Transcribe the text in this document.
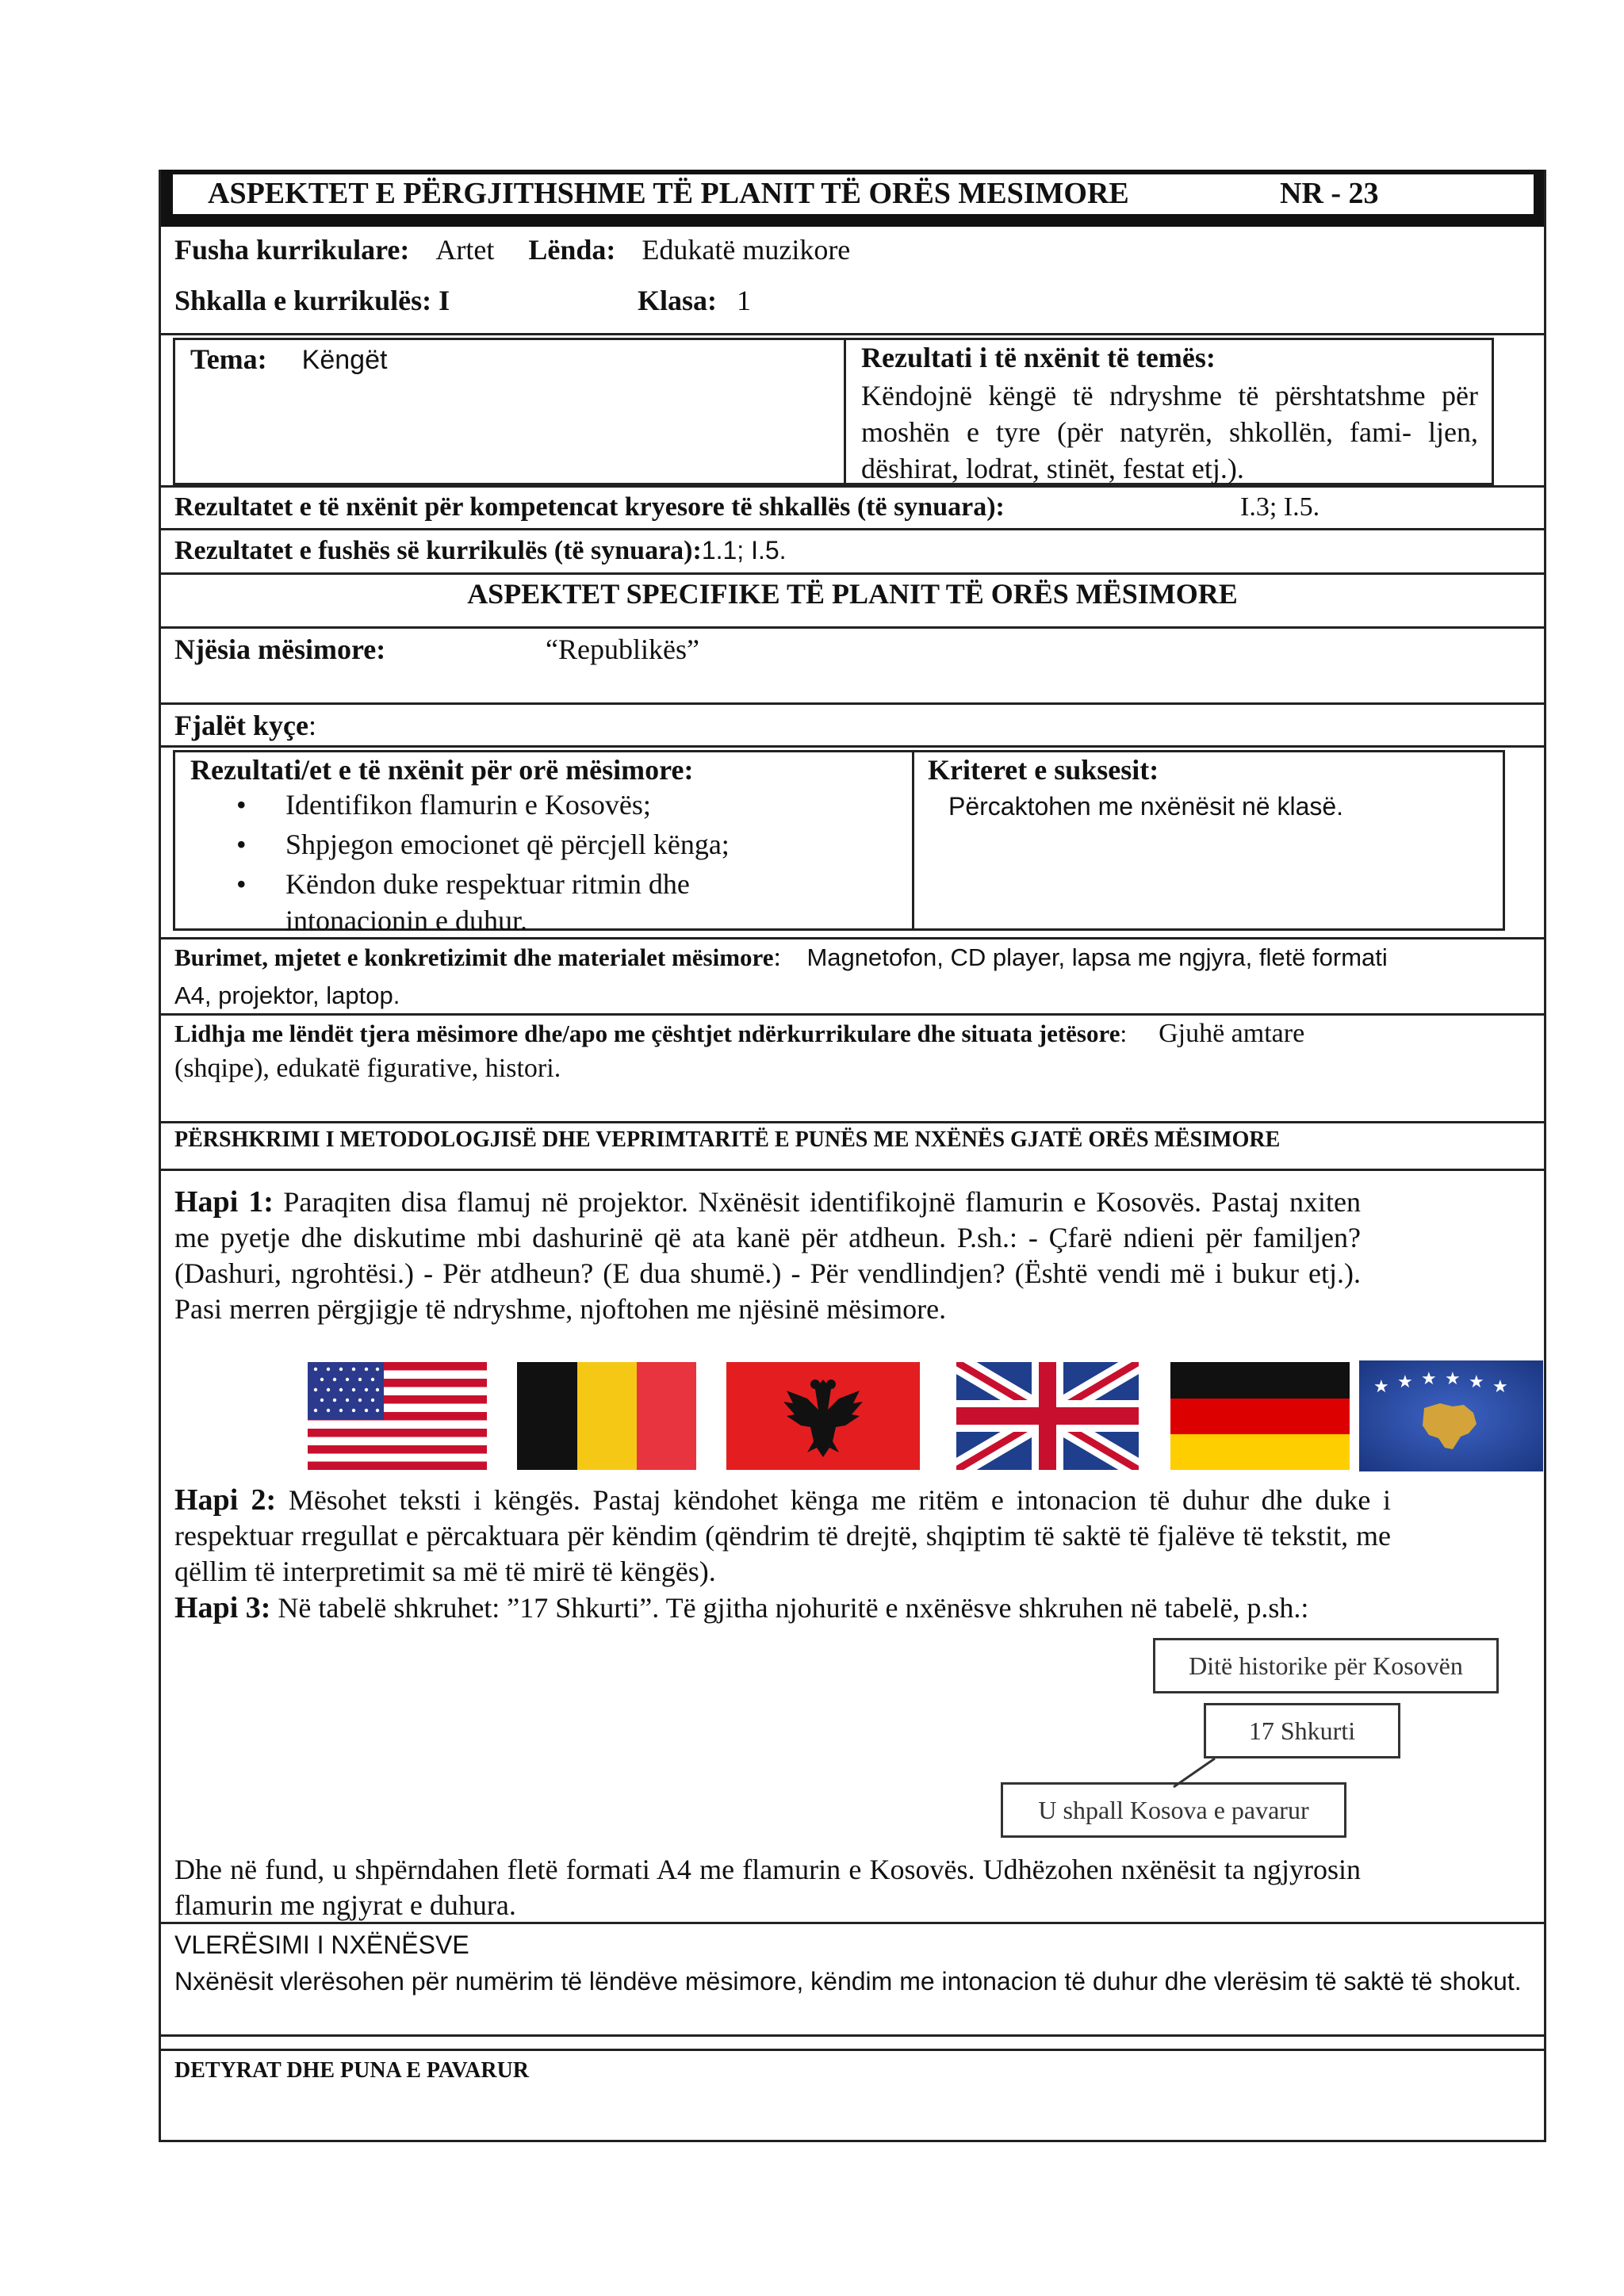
ASPEKTET E PËRGJITHSHME TË PLANIT TË ORËS MESIMORE	NR - 23
Fusha kurrikulare: Artet Lënda: Edukatë muzikore
Shkalla e kurrikulës: I	Klasa: 1
Tema: Këngët	Rezultati i të nxënit të temës:
Këndojnë këngë të ndryshme të përshtatshme për moshën e tyre (për natyrën, shkollën, fami- ljen, dëshirat, lodrat, stinët, festat etj.).
Rezultatet e të nxënit për kompetencat kryesore të shkallës (të synuara):	I.3; I.5.
Rezultatet e fushës së kurrikulës (të synuara):1.1; I.5.
ASPEKTET SPECIFIKE TË PLANIT TË ORËS MËSIMORE
Njësia mësimore:	“Republikës”
Fjalët kyçe:
Rezultati/et e të nxënit për orë mësimore:
• Identifikon flamurin e Kosovës;
• Shpjegon emocionet që përcjell kënga;
• Këndon duke respektuar ritmin dhe intonacionin e duhur.
Kriteret e suksesit:
Përcaktohen me nxënësit në klasë.
Burimet, mjetet e konkretizimit dhe materialet mësimore: Magnetofon, CD player, lapsa me ngjyra, fletë formati
A4, projektor, laptop.
Lidhja me lëndët tjera mësimore dhe/apo me çështjet ndërkurrikulare dhe situata jetësore: Gjuhë amtare
(shqipe), edukatë figurative, histori.
PËRSHKRIMI I METODOLOGJISË DHE VEPRIMTARITË E PUNËS ME NXËNËS GJATË ORËS MËSIMORE
Hapi 1: Paraqiten disa flamuj në projektor. Nxënësit identifikojnë flamurin e Kosovës. Pastaj nxiten me pyetje dhe diskutime mbi dashurinë që ata kanë për atdheun. P.sh.: - Çfarë ndieni për familjen? (Dashuri, ngrohtësi.) - Për atdheun? (E dua shumë.) - Për vendlindjen? (Është vendi më i bukur etj.). Pasi merren përgjigje të ndryshme, njoftohen me njësinë mësimore.
★ ★ ★ ★ ★ ★
Hapi 2: Mësohet teksti i këngës. Pastaj këndohet kënga me ritëm e intonacion të duhur dhe duke i respektuar rregullat e përcaktuara për këndim (qëndrim të drejtë, shqiptim të saktë të fjalëve të tekstit, me qëllim të interpretimit sa më të mirë të këngës).
Hapi 3: Në tabelë shkruhet: ”17 Shkurti”. Të gjitha njohuritë e nxënësve shkruhen në tabelë, p.sh.:
Ditë historike për Kosovën
17 Shkurti
U shpall Kosova e pavarur
Dhe në fund, u shpërndahen fletë formati A4 me flamurin e Kosovës. Udhëzohen nxënësit ta ngjyrosin flamurin me ngjyrat e duhura.
VLERËSIMI I NXËNËSVE
Nxënësit vlerësohen për numërim të lëndëve mësimore, këndim me intonacion të duhur dhe vlerësim të saktë të shokut.
DETYRAT DHE PUNA E PAVARUR
